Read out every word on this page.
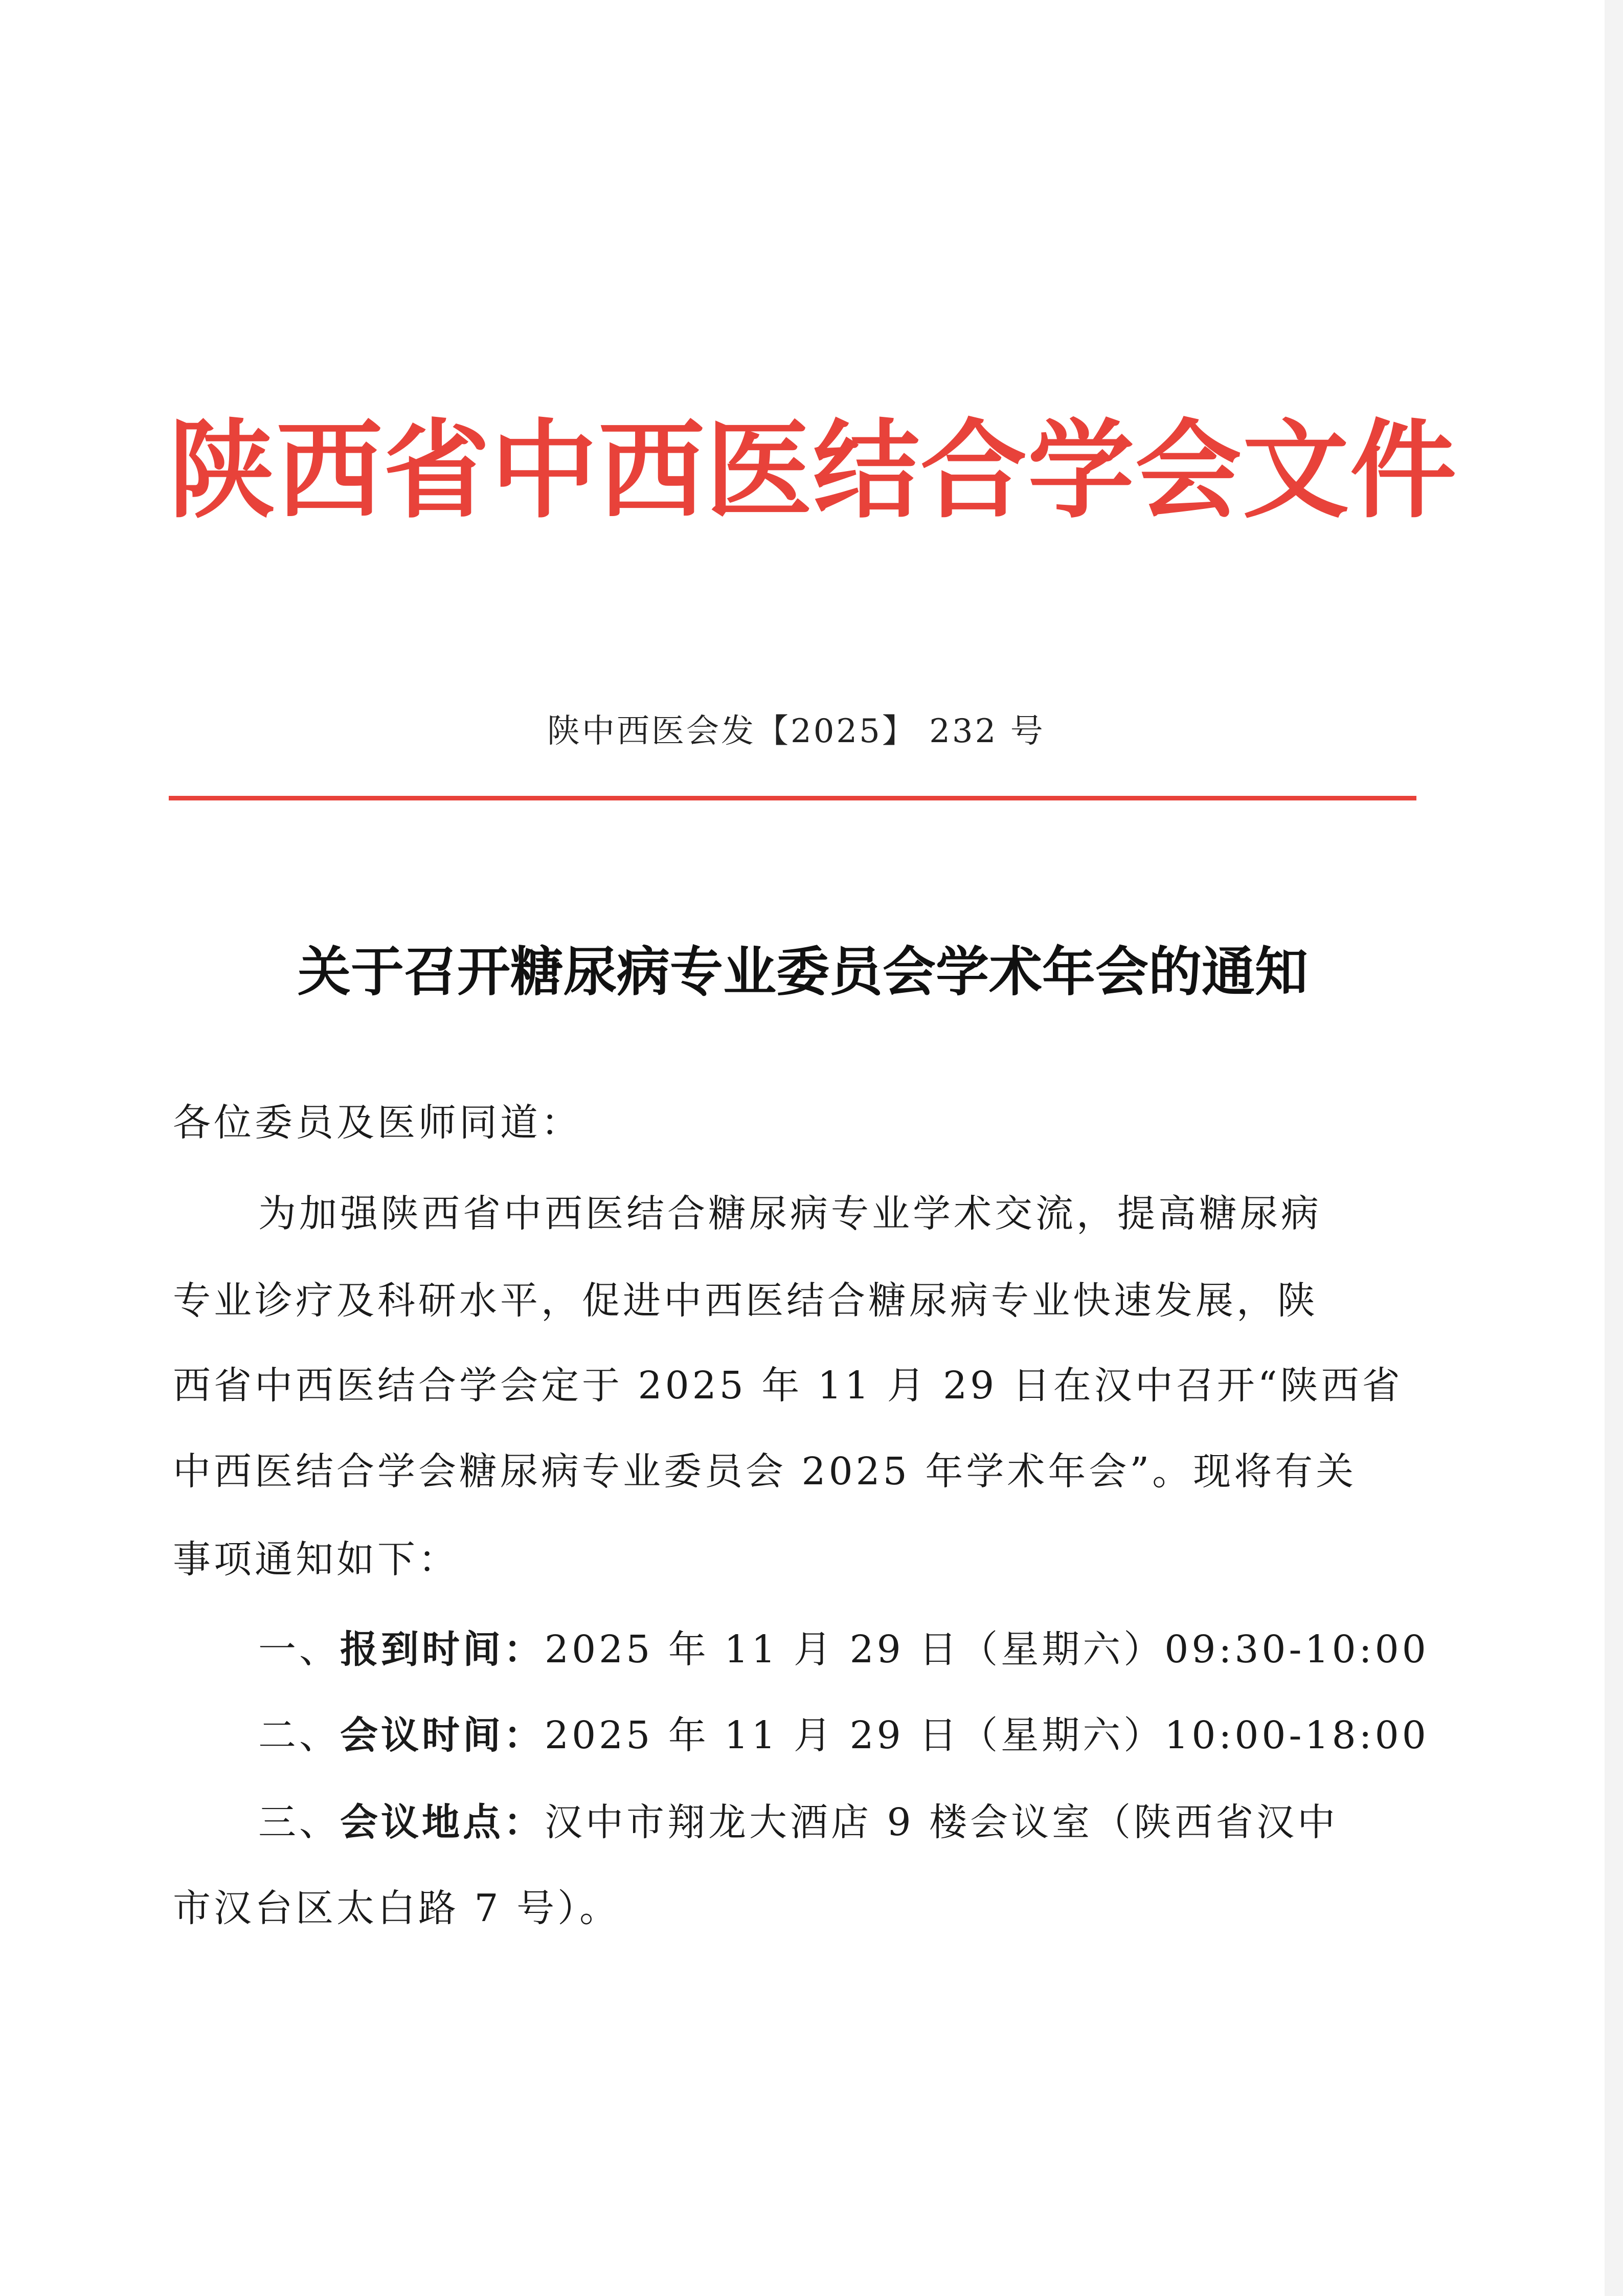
陕西省中西医结合学会文件
陕中西医会发【2025】 232 号
关于召开糖尿病专业委员会学术年会的通知
各位委员及医师同道：
为加强陕西省中西医结合糖尿病专业学术交流，提高糖尿病
专业诊疗及科研水平，促进中西医结合糖尿病专业快速发展，陕
西省中西医结合学会定于 2025 年 11 月 29 日在汉中召开“陕西省
中西医结合学会糖尿病专业委员会 2025 年学术年会”。现将有关
事项通知如下：
一、报到时间：2025 年 11 月 29 日（星期六）09:30-10:00
二、会议时间：2025 年 11 月 29 日（星期六）10:00-18:00
三、会议地点：汉中市翔龙大酒店 9 楼会议室（陕西省汉中
市汉台区太白路 7 号）。
